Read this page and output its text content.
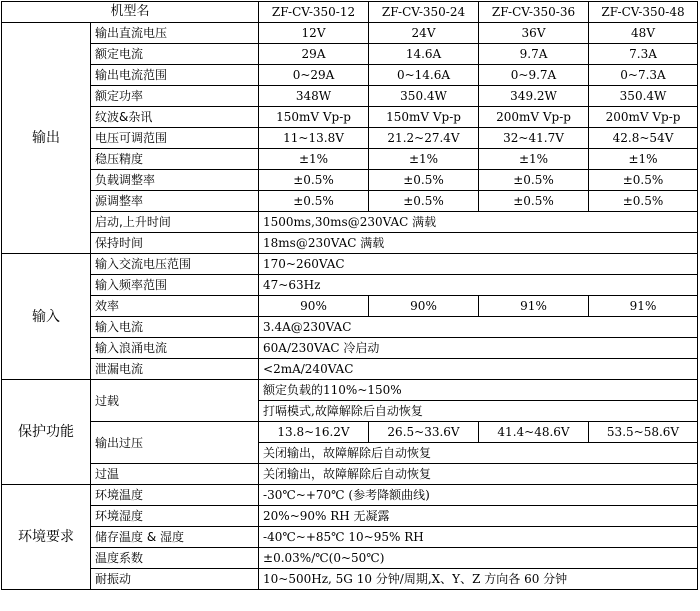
机型名		ZF-CV-350-12	ZF-CV-350-24	ZF-CV-350-36	ZF-CV-350-48
输出	输出直流电压	12V	24V	36V	48V
	额定电流	29A	14.6A	9.7A	7.3A
	输出电流范围	0~29A	0~14.6A	0~9.7A	0~7.3A
	额定功率	348W	350.4W	349.2W	350.4W
	纹波&杂讯	150mV Vp-p	150mV Vp-p	200mV Vp-p	200mV Vp-p
	电压可调范围	11~13.8V	21.2~27.4V	32~41.7V	42.8~54V
	稳压精度	±1%	±1%	±1%	±1%
	负载调整率	±0.5%	±0.5%	±0.5%	±0.5%
	源调整率	±0.5%	±0.5%	±0.5%	±0.5%
	启动,上升时间	1500ms,30ms@230VAC 满载			
	保持时间	18ms@230VAC 满载			
输入	输入交流电压范围	170~260VAC			
	输入频率范围	47~63Hz			
	效率	90%	90%	91%	91%
	输入电流	3.4A@230VAC			
	输入浪涌电流	60A/230VAC 冷启动			
	泄漏电流	<2mA/240VAC			
保护功能	过载	额定负载的110%~150%			
		打嗝模式,故障解除后自动恢复			
	输出过压	13.8~16.2V	26.5~33.6V	41.4~48.6V	53.5~58.6V
		关闭输出，故障解除后自动恢复			
	过温	关闭输出，故障解除后自动恢复			
环境要求	环境温度	-30℃~+70℃ (参考降额曲线)			
	环境湿度	20%~90% RH 无凝露			
	储存温度 & 湿度	-40℃~+85℃ 10~95% RH			
	温度系数	±0.03%/℃(0~50℃)			
	耐振动	10~500Hz, 5G 10 分钟/周期,X、Y、Z 方向各 60 分钟			
